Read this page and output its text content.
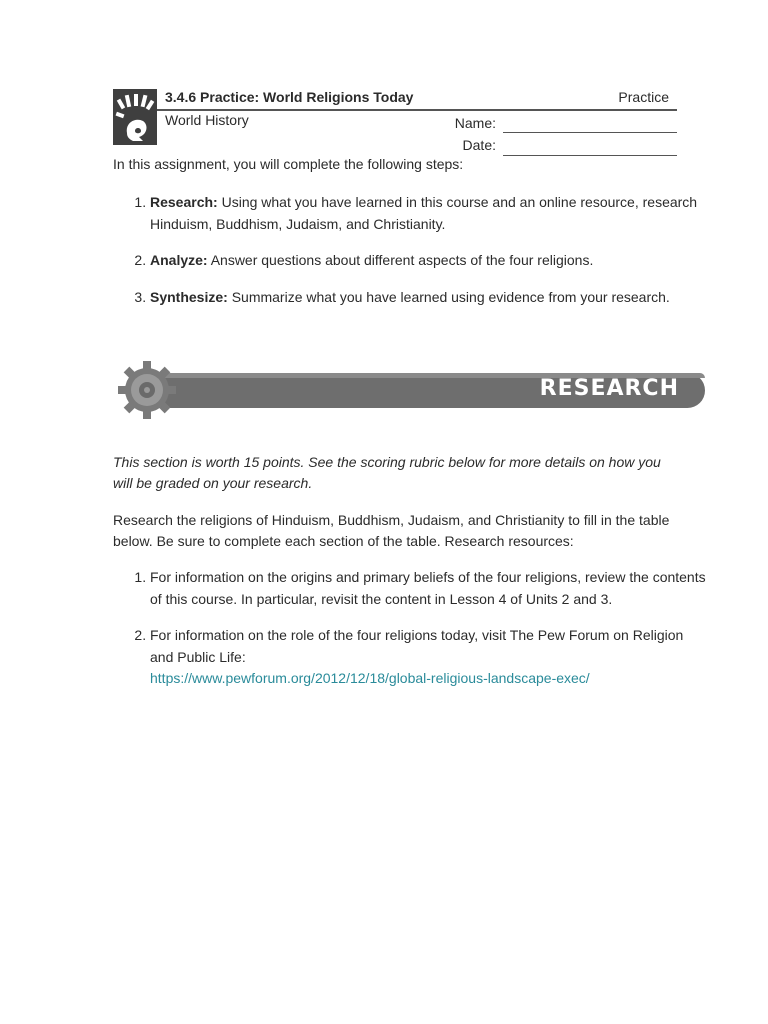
3.4.6 Practice: World Religions Today	Practice
World History	Name:
Date:
In this assignment, you will complete the following steps:
1. Research: Using what you have learned in this course and an online resource, research Hinduism, Buddhism, Judaism, and Christianity.
2. Analyze: Answer questions about different aspects of the four religions.
3. Synthesize: Summarize what you have learned using evidence from your research.
RESEARCH
This section is worth 15 points. See the scoring rubric below for more details on how you will be graded on your research.
Research the religions of Hinduism, Buddhism, Judaism, and Christianity to fill in the table below. Be sure to complete each section of the table. Research resources:
1. For information on the origins and primary beliefs of the four religions, review the contents of this course. In particular, revisit the content in Lesson 4 of Units 2 and 3.
2. For information on the role of the four religions today, visit The Pew Forum on Religion and Public Life:
https://www.pewforum.org/2012/12/18/global-religious-landscape-exec/
